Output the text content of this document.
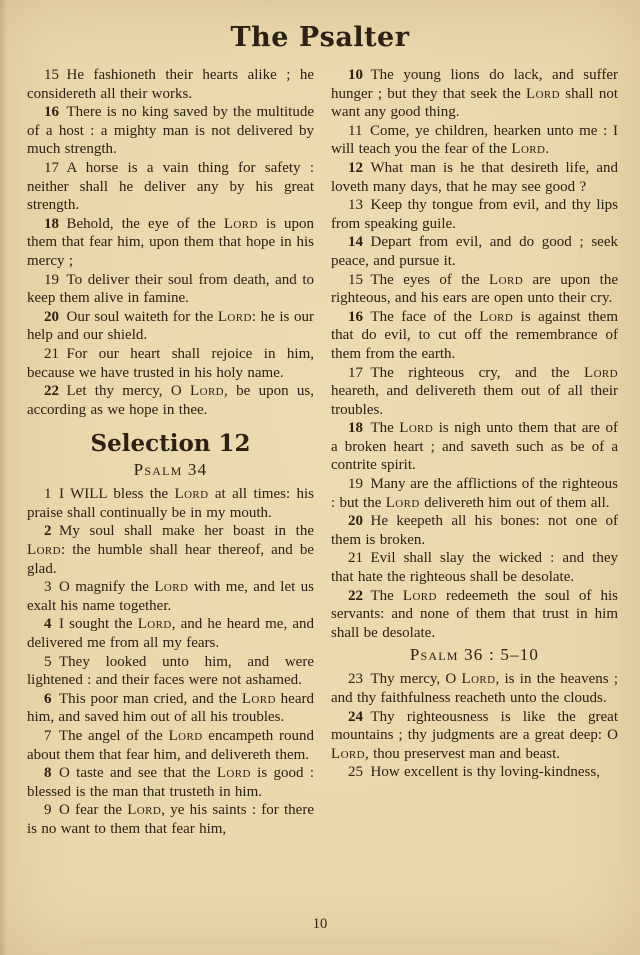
The Psalter

15 He fashioneth their hearts alike ; he considereth all their works.

16 There is no king saved by the multitude of a host : a mighty man is not delivered by much strength.

17 A horse is a vain thing for safety : neither shall he deliver any by his great strength.

18 Behold, the eye of the Lord is upon them that fear him, upon them that hope in his mercy ;

19 To deliver their soul from death, and to keep them alive in famine.

20 Our soul waiteth for the Lord: he is our help and our shield.

21 For our heart shall rejoice in him, because we have trusted in his holy name.

22 Let thy mercy, O Lord, be upon us, according as we hope in thee.

Selection 12
Psalm 34

1 I WILL bless the Lord at all times: his praise shall continually be in my mouth.

2 My soul shall make her boast in the Lord: the humble shall hear thereof, and be glad.

3 O magnify the Lord with me, and let us exalt his name together.

4 I sought the Lord, and he heard me, and delivered me from all my fears.

5 They looked unto him, and were lightened : and their faces were not ashamed.

6 This poor man cried, and the Lord heard him, and saved him out of all his troubles.

7 The angel of the Lord encampeth round about them that fear him, and delivereth them.

8 O taste and see that the Lord is good : blessed is the man that trusteth in him.

9 O fear the Lord, ye his saints : for there is no want to them that fear him,

10 The young lions do lack, and suffer hunger ; but they that seek the Lord shall not want any good thing.

11 Come, ye children, hearken unto me : I will teach you the fear of the Lord.

12 What man is he that desireth life, and loveth many days, that he may see good ?

13 Keep thy tongue from evil, and thy lips from speaking guile.

14 Depart from evil, and do good ; seek peace, and pursue it.

15 The eyes of the Lord are upon the righteous, and his ears are open unto their cry.

16 The face of the Lord is against them that do evil, to cut off the remembrance of them from the earth.

17 The righteous cry, and the Lord heareth, and delivereth them out of all their troubles.

18 The Lord is nigh unto them that are of a broken heart ; and saveth such as be of a contrite spirit.

19 Many are the afflictions of the righteous : but the Lord delivereth him out of them all.

20 He keepeth all his bones: not one of them is broken.

21 Evil shall slay the wicked : and they that hate the righteous shall be desolate.

22 The Lord redeemeth the soul of his servants: and none of them that trust in him shall be desolate.

Psalm 36 : 5–10

23 Thy mercy, O Lord, is in the heavens ; and thy faithfulness reacheth unto the clouds.

24 Thy righteousness is like the great mountains ; thy judgments are a great deep: O Lord, thou preservest man and beast.

25 How excellent is thy loving-kindness,

10
